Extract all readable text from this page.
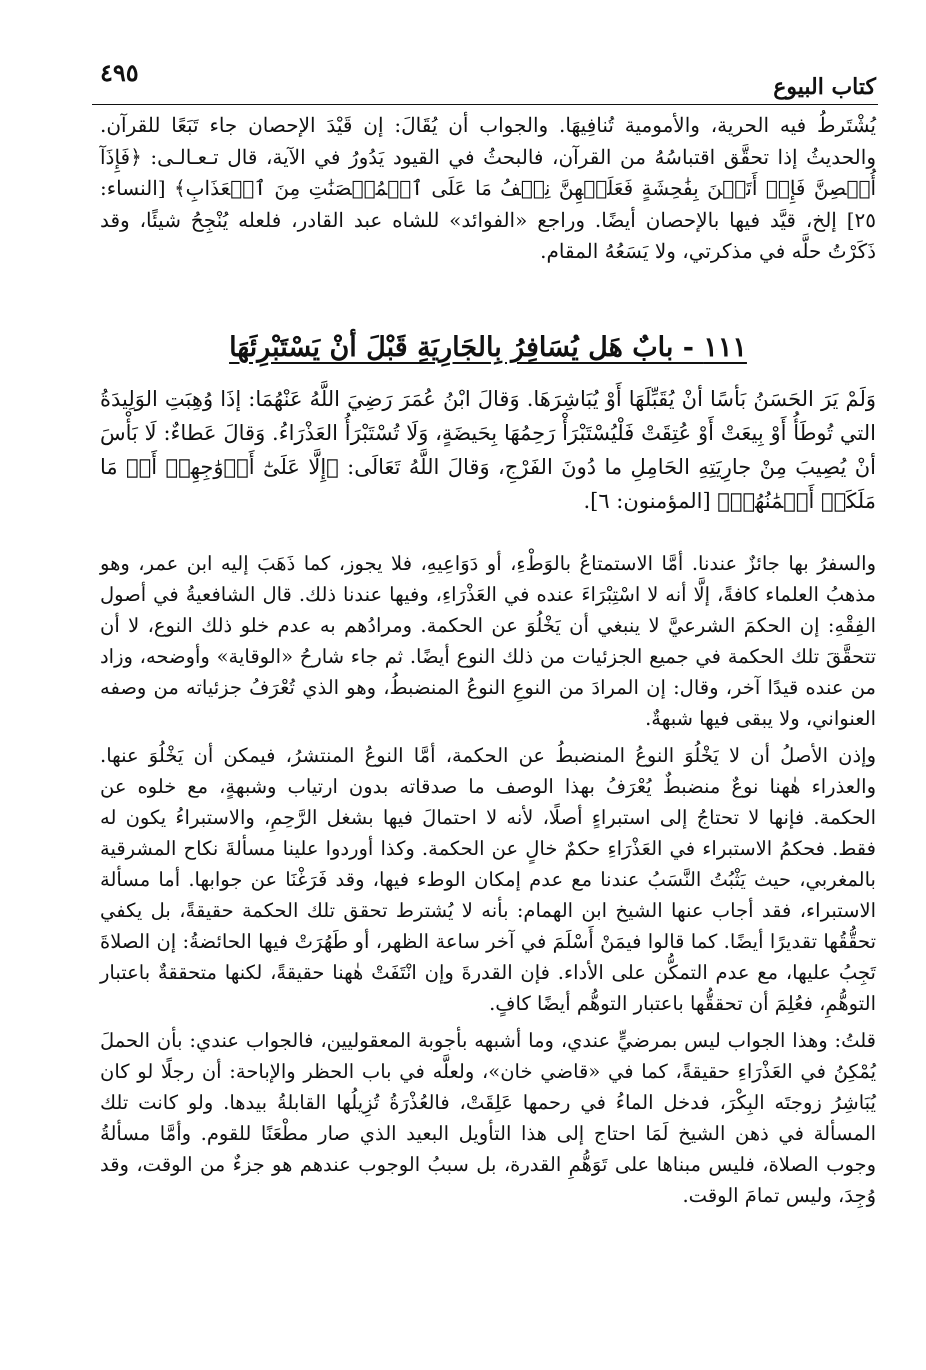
٤٩٥	كتاب البيوع

يُشْتَرطُ فيه الحرية، والأمومية تُنافِيهَا. والجواب أن يُقَالَ: إن قَيْدَ الإحصان جاء تَبَعًا للقرآن. والحديثُ إذا تحقَّق اقتباسُهُ من القرآن، فالبحثُ في القيود يَدُورُ في الآية، قال تـعـالـى: ﴿فَإِذَآ أُحۡصِنَّ فَإِنۡ أَتَيۡنَ بِفَٰحِشَةٍ فَعَلَيۡهِنَّ نِصۡفُ مَا عَلَى ٱلۡمُحۡصَنَٰتِ مِنَ ٱلۡعَذَابِ﴾ [النساء: ٢٥] إلخ، قيَّد فيها بالإحصان أيضًا. وراجع «الفوائد» للشاه عبد القادر، فلعله يُنْجِحُ شيئًا، وقد ذَكَرْتُ حلَّه في مذكرتي، ولا يَسَعُهُ المقام.

١١١ - بابٌ هَل يُسَافِرُ بِالجَارِيَةِ قَبْلَ أنْ يَسْتَبْرِئَهَا

وَلَمْ يَرَ الحَسَنُ بَأسًا أنْ يُقَبِّلَهَا أَوْ يُبَاشِرَهَا. وَقالَ ابْنُ عُمَرَ رَضِيَ اللَّهُ عَنْهُمَا: إذَا وُهِبَتِ الوَلِيدَةُ التي تُوطَأُ أَوْ بِيعَتْ أَوْ عُتِقَتْ فَلْيُسْتَبْرَأْ رَحِمُهَا بِحَيضَةٍ، وَلَا تُسْتَبْرَأُ العَذْرَاءُ. وَقالَ عَطاءٌ: لَا بَأْسَ أنْ يُصِيبَ مِنْ جارِيَتِهِ الحَامِلِ ما دُونَ الفَرْجِ، وَقالَ اللَّهُ تَعَالَى: ﴿إِلَّا عَلَىٰٓ أَزۡوَٰجِهِمۡ أَوۡ مَا مَلَكَتۡ أَيۡمَٰنُهُمۡ﴾ [المؤمنون: ٦].

والسفرُ بها جائزٌ عندنا. أمَّا الاستمتاعُ بالوَطْءِ، أو دَوَاعِيهِ، فلا يجوز، كما ذَهَبَ إليه ابن عمر، وهو مذهبُ العلماء كافةً، إلَّا أنه لا اسْتِبْرَاءَ عنده في العَذْرَاءِ، وفيها عندنا ذلك. قال الشافعيةُ في أصول الفِقْهِ: إن الحكمَ الشرعيَّ لا ينبغي أن يَخْلُوَ عن الحكمة. ومرادُهم به عدم خلو ذلك النوع، لا أن تتحقَّقَ تلك الحكمة في جميع الجزئيات من ذلك النوع أيضًا. ثم جاء شارحُ «الوقاية» وأوضحه، وزاد من عنده قيدًا آخر، وقال: إن المرادَ من النوعِ النوعُ المنضبطُ، وهو الذي تُعْرَفُ جزئياته من وصفه العنواني، ولا يبقى فيها شبهةٌ.

وإذن الأصلُ أن لا يَخْلُوَ النوعُ المنضبطُ عن الحكمة، أمَّا النوعُ المنتشرُ، فيمكن أن يَخْلُوَ عنها. والعذراء هٰهنا نوعٌ منضبطٌ يُعْرَفُ بهذا الوصف ما صدقاته بدون ارتياب وشبهةٍ، مع خلوه عن الحكمة. فإنها لا تحتاجُ إلى استبراءٍ أصلًا، لأنه لا احتمالَ فيها بشغل الرَّحِمِ، والاستبراءُ يكون له فقط. فحكمُ الاستبراء في العَذْرَاءِ حكمٌ خالٍ عن الحكمة. وكذا أوردوا علينا مسألةَ نكاح المشرقية بالمغربي، حيث يَثْبُتُ النَّسَبُ عندنا مع عدم إمكان الوطء فيها، وقد فَرَغْنَا عن جوابها. أما مسألة الاستبراء، فقد أجاب عنها الشيخ ابن الهمام: بأنه لا يُشترط تحقق تلك الحكمة حقيقةً، بل يكفي تحقُّقُها تقديرًا أيضًا. كما قالوا فيمَنْ أَسْلَمَ في آخر ساعة الظهر، أو طَهُرَتْ فيها الحائضةُ: إن الصلاةَ تَجِبُ عليها، مع عدم التمكُّن على الأداء. فإن القدرةَ وإن انْتَفَتْ هٰهنا حقيقةً، لكنها متحققةٌ باعتبار التوهُّمِ، فعُلِمَ أن تحققُّها باعتبار التوهُّم أيضًا كافٍ.

قلتُ: وهذا الجواب ليس بمرضيٍّ عندي، وما أشبهه بأجوبة المعقوليين، فالجواب عندي: بأن الحملَ يُمْكِنُ في العَذْرَاءِ حقيقةً، كما في «قاضي خان»، ولعلَّه في باب الحظر والإباحة: أن رجلًا لو كان يُبَاشِرُ زوجتَه البِكْرَ، فدخل الماءُ في رحمها عَلِقَتْ، فالعُذْرَةُ تُزِيلُها القابلةُ بيدها. ولو كانت تلك المسألة في ذهن الشيخ لَمَا احتاج إلى هذا التأويل البعيد الذي صار مطْعَنًا للقوم. وأمَّا مسألةُ وجوب الصلاة، فليس مبناها على تَوَهُّمِ القدرة، بل سببُ الوجوب عندهم هو جزءٌ من الوقت، وقد وُجِدَ، وليس تمامَ الوقت.
